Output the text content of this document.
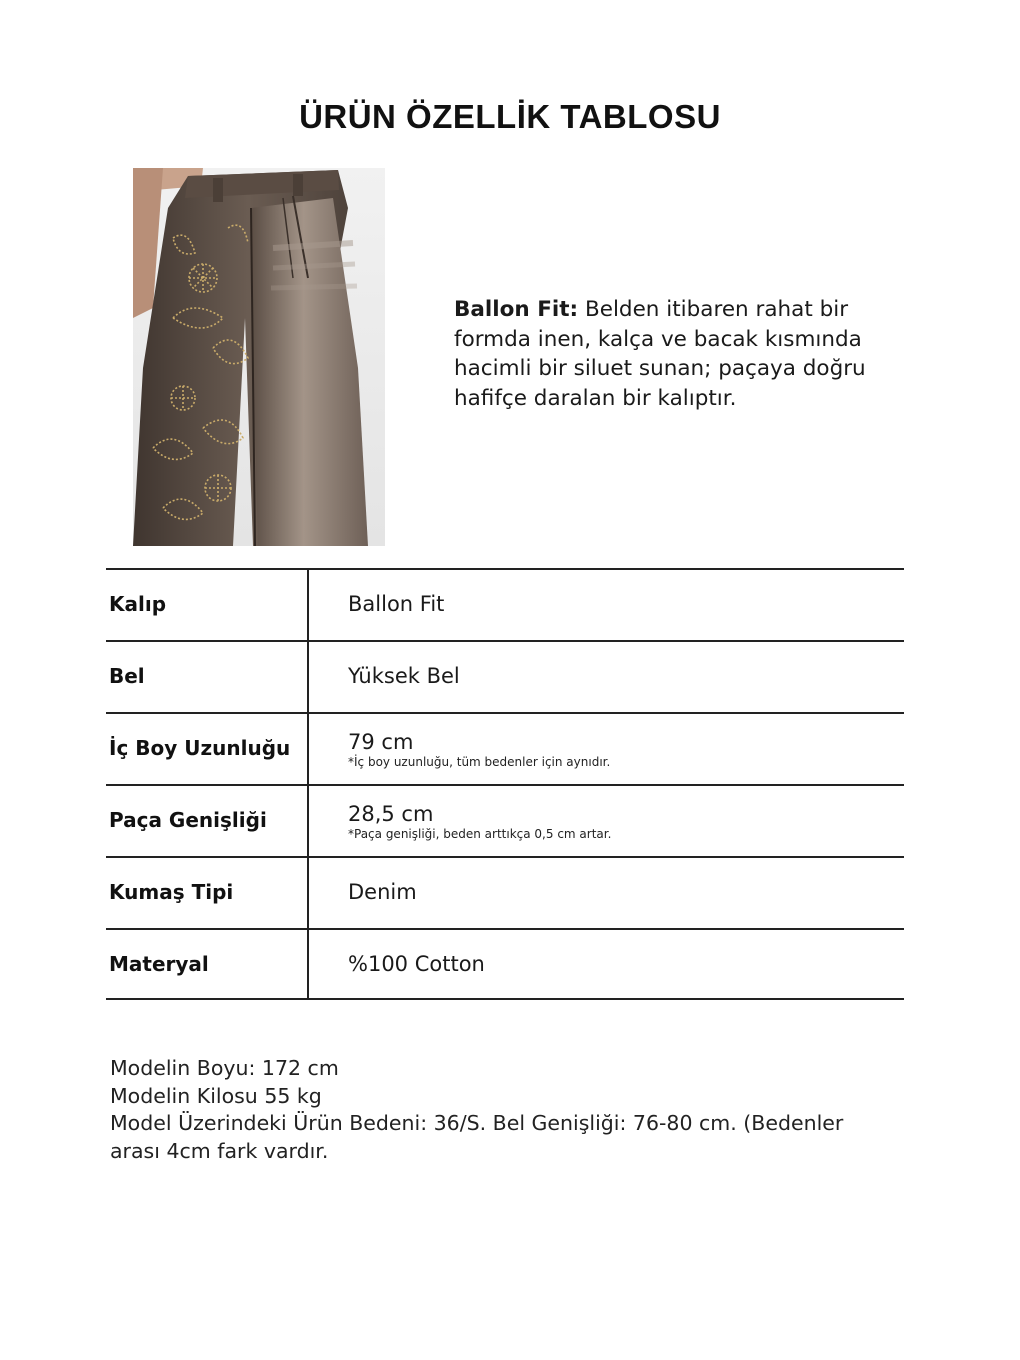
ÜRÜN ÖZELLİK TABLOSU
Ballon Fit: Belden itibaren rahat bir formda inen, kalça ve bacak kısmında hacimli bir siluet sunan; paçaya doğru hafifçe daralan bir kalıptır.
Kalıp	Ballon Fit
Bel	Yüksek Bel
İç Boy Uzunluğu	79 cm
*İç boy uzunluğu, tüm bedenler için aynıdır.
Paça Genişliği	28,5 cm
*Paça genişliği, beden arttıkça 0,5 cm artar.
Kumaş Tipi	Denim
Materyal	%100 Cotton
Modelin Boyu: 172 cm
Modelin Kilosu 55 kg
Model Üzerindeki Ürün Bedeni: 36/S. Bel Genişliği: 76-80 cm. (Bedenler
arası 4cm fark vardır.
